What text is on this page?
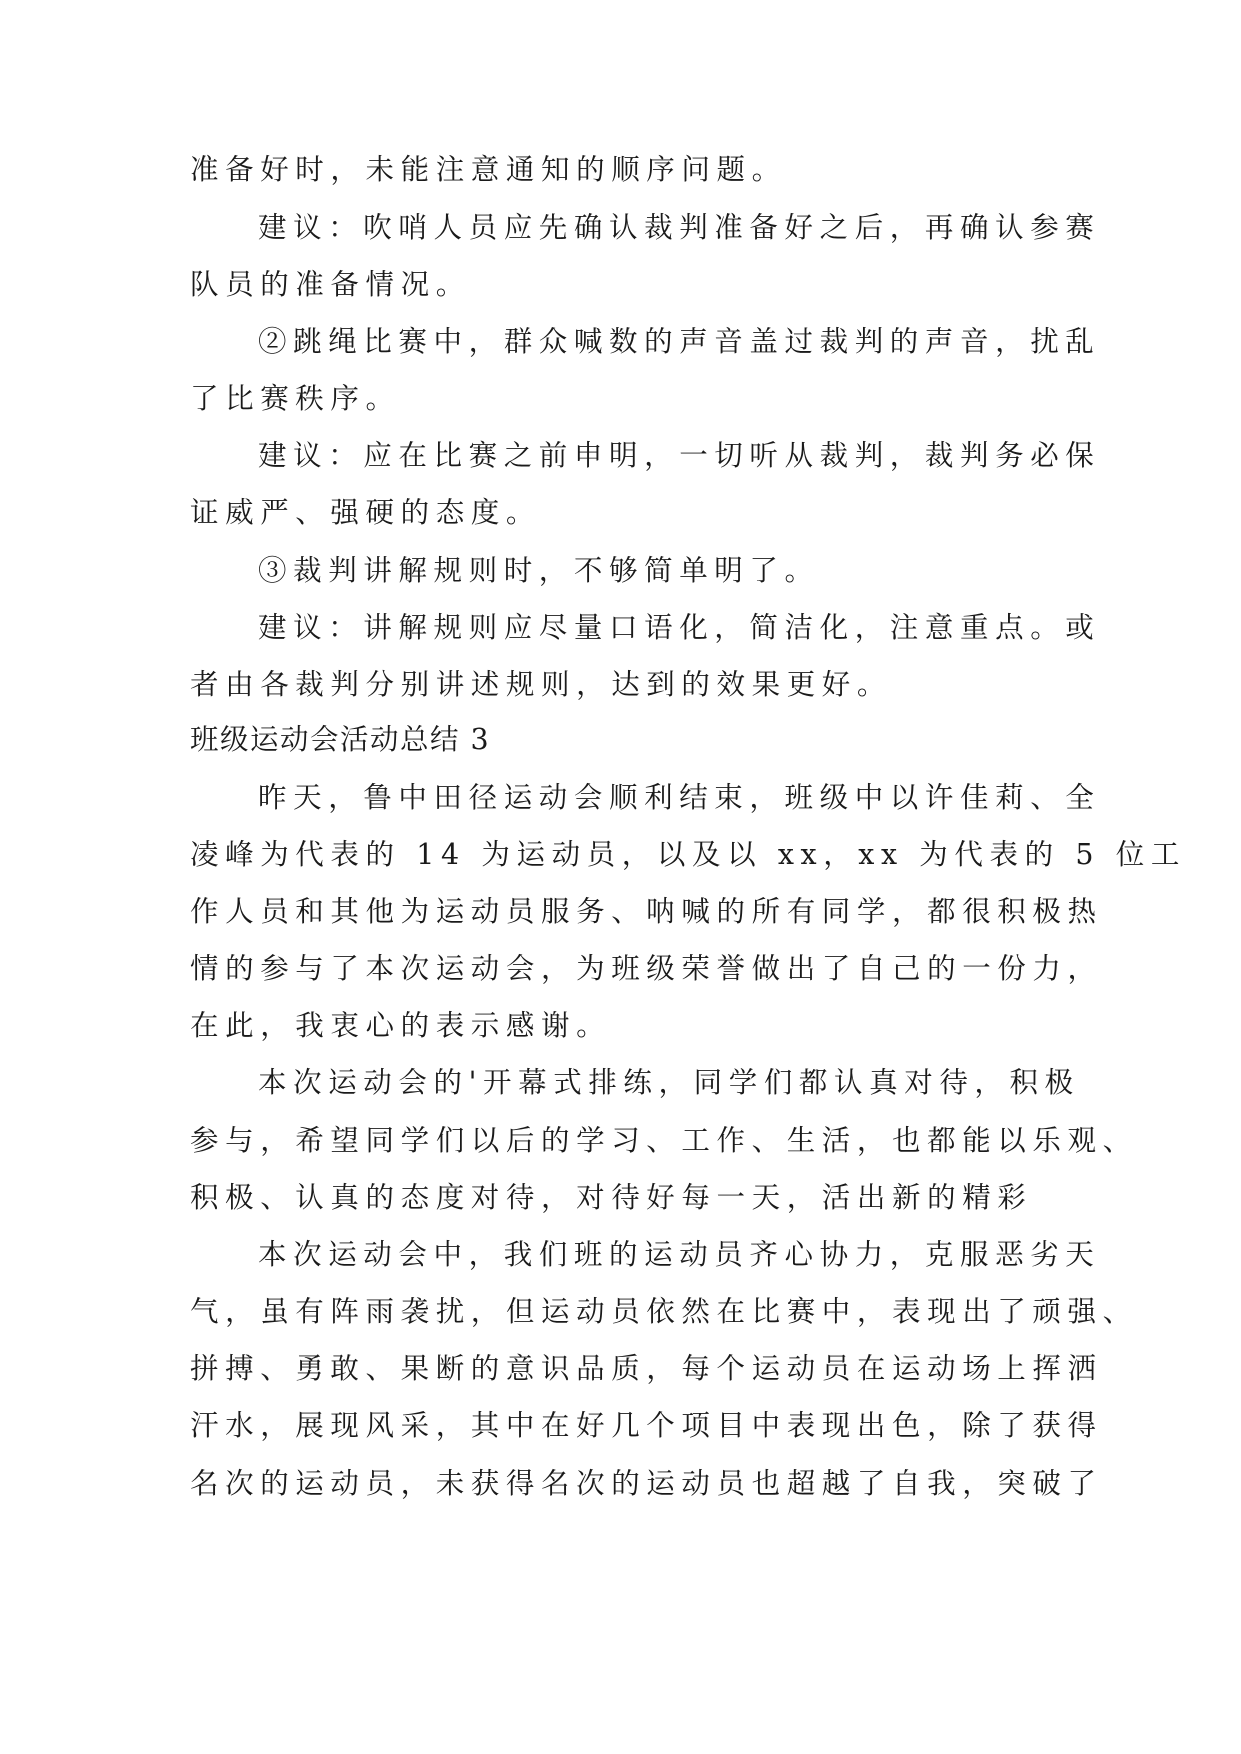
准备好时，未能注意通知的顺序问题。
建议：吹哨人员应先确认裁判准备好之后，再确认参赛
队员的准备情况。
②跳绳比赛中，群众喊数的声音盖过裁判的声音，扰乱
了比赛秩序。
建议：应在比赛之前申明，一切听从裁判，裁判务必保
证威严、强硬的态度。
③裁判讲解规则时，不够简单明了。
建议：讲解规则应尽量口语化，简洁化，注意重点。或
者由各裁判分别讲述规则，达到的效果更好。
班级运动会活动总结 3
昨天，鲁中田径运动会顺利结束，班级中以许佳莉、全
凌峰为代表的 14 为运动员，以及以 xx，xx 为代表的 5 位工
作人员和其他为运动员服务、呐喊的所有同学，都很积极热
情的参与了本次运动会，为班级荣誉做出了自己的一份力，
在此，我衷心的表示感谢。
本次运动会的'开幕式排练，同学们都认真对待，积极
参与，希望同学们以后的学习、工作、生活，也都能以乐观、
积极、认真的态度对待，对待好每一天，活出新的精彩
本次运动会中，我们班的运动员齐心协力，克服恶劣天
气，虽有阵雨袭扰，但运动员依然在比赛中，表现出了顽强、
拼搏、勇敢、果断的意识品质，每个运动员在运动场上挥洒
汗水，展现风采，其中在好几个项目中表现出色，除了获得
名次的运动员，未获得名次的运动员也超越了自我，突破了
